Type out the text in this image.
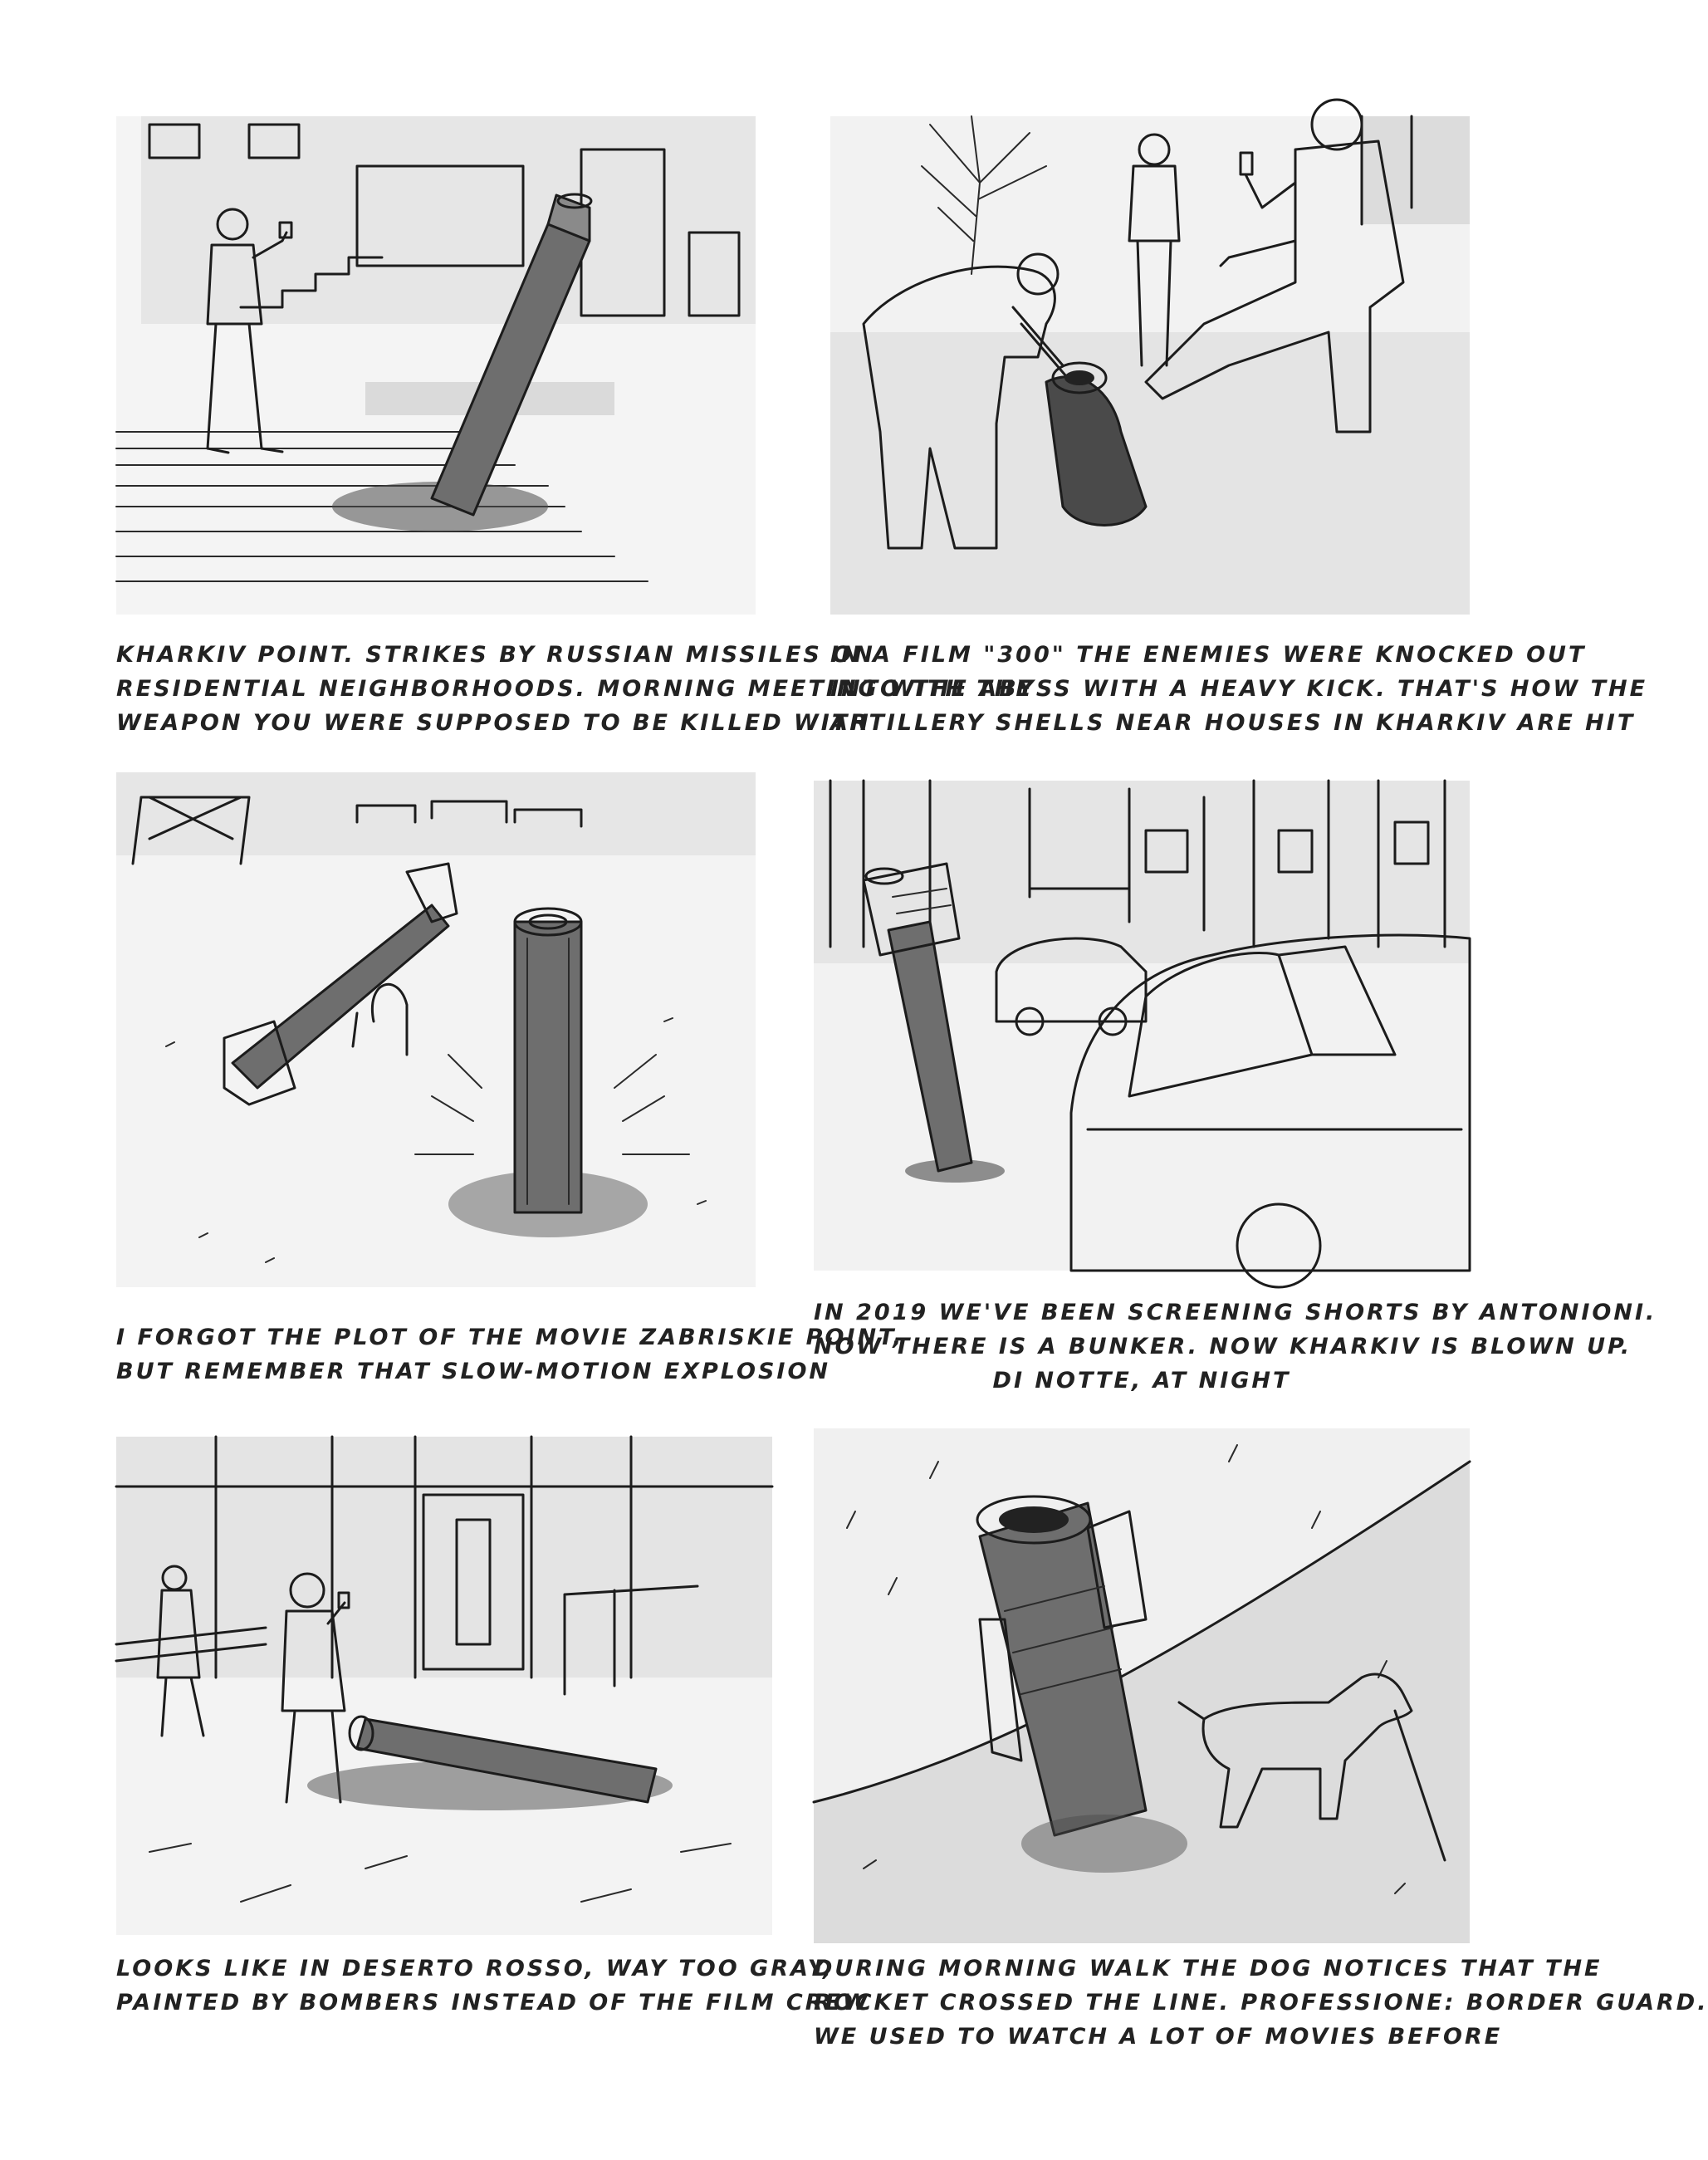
KHARKIV POINT. STRIKES BY RUSSIAN MISSILES ON
RESIDENTIAL NEIGHBORHOODS. MORNING MEETING WITH THE
WEAPON YOU WERE SUPPOSED TO BE KILLED WITH
IN A FILM "300" THE ENEMIES WERE KNOCKED OUT
INTO THE ABYSS WITH A HEAVY KICK. THAT'S HOW THE
ARTILLERY SHELLS NEAR HOUSES IN KHARKIV ARE HIT
I FORGOT THE PLOT OF THE MOVIE ZABRISKIE POINT,
BUT REMEMBER THAT SLOW-MOTION EXPLOSION
IN 2019 WE'VE BEEN SCREENING SHORTS BY ANTONIONI.
NOW THERE IS A BUNKER. NOW KHARKIV IS BLOWN UP.
DI NOTTE, AT NIGHT
LOOKS LIKE IN DESERTO ROSSO, WAY TOO GRAY,
PAINTED BY BOMBERS INSTEAD OF THE FILM CREW
DURING MORNING WALK THE DOG NOTICES THAT THE
ROCKET CROSSED THE LINE. PROFESSIONE: BORDER GUARD.
WE USED TO WATCH A LOT OF MOVIES BEFORE
